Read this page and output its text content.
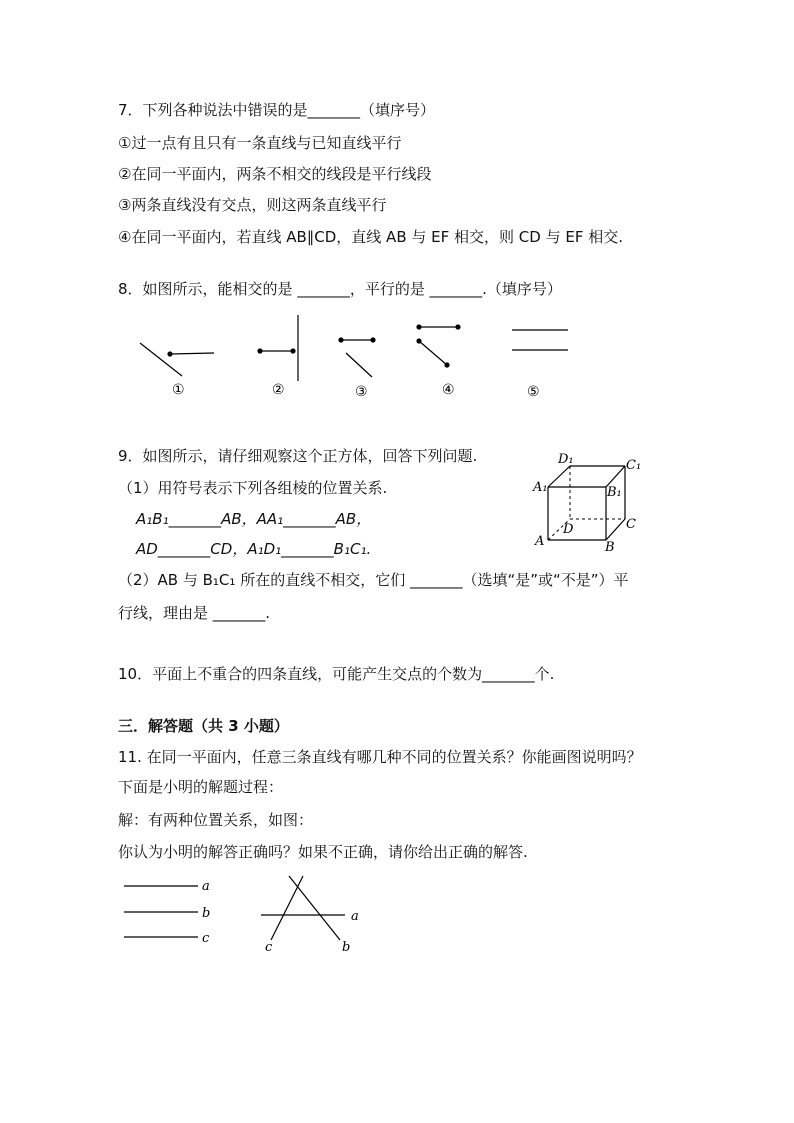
7．下列各种说法中错误的是_______（填序号）
①过一点有且只有一条直线与已知直线平行
②在同一平面内，两条不相交的线段是平行线段
③两条直线没有交点，则这两条直线平行
④在同一平面内，若直线 AB∥CD，直线 AB 与 EF 相交，则 CD 与 EF 相交.
8．如图所示，能相交的是 _______，平行的是 _______.（填序号）
①	②	③	④	⑤
9．如图所示，请仔细观察这个正方体，回答下列问题.
（1）用符号表示下列各组棱的位置关系.
A₁B₁_______AB，AA₁_______AB，
AD_______CD，A₁D₁_______B₁C₁.
（2）AB 与 B₁C₁ 所在的直线不相交，它们 _______（选填“是”或“不是”）平
行线，理由是 _______.
D₁	C₁
A₁	B₁
D	C
A	B
10．平面上不重合的四条直线，可能产生交点的个数为_______个.
三．解答题（共 3 小题）
11. 在同一平面内，任意三条直线有哪几种不同的位置关系？你能画图说明吗？
下面是小明的解题过程：
解：有两种位置关系，如图：
你认为小明的解答正确吗？如果不正确，请你给出正确的解答.
a
b
c
a
b
c
